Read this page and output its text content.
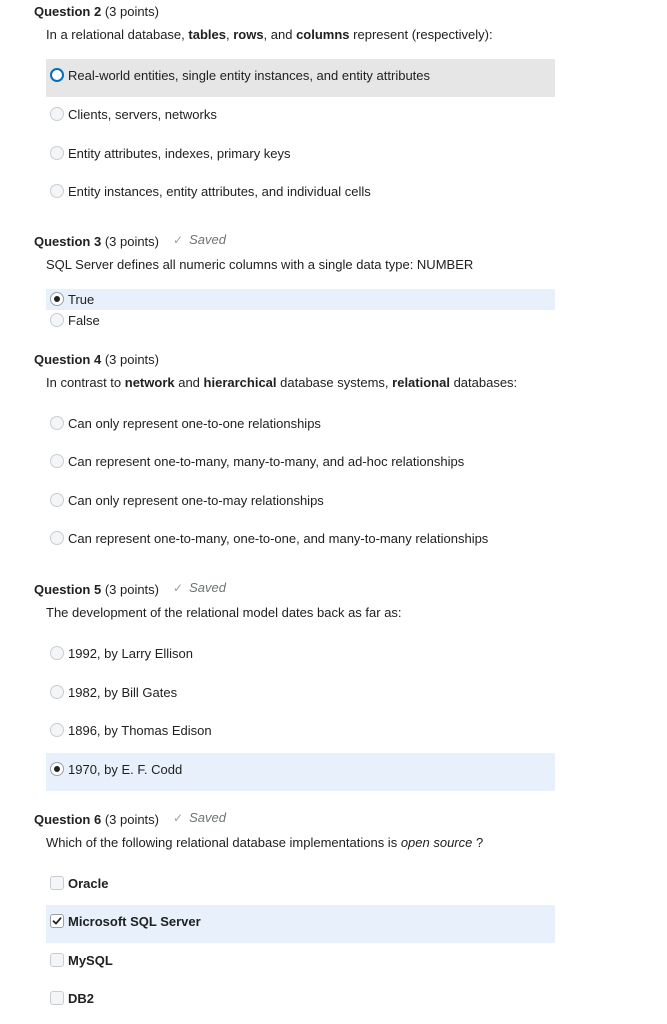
Question 2 (3 points)
In a relational database, tables, rows, and columns represent (respectively):
Real-world entities, single entity instances, and entity attributes
Clients, servers, networks
Entity attributes, indexes, primary keys
Entity instances, entity attributes, and individual cells
Question 3 (3 points) ✓ Saved
SQL Server defines all numeric columns with a single data type: NUMBER
True
False
Question 4 (3 points)
In contrast to network and hierarchical database systems, relational databases:
Can only represent one-to-one relationships
Can represent one-to-many, many-to-many, and ad-hoc relationships
Can only represent one-to-may relationships
Can represent one-to-many, one-to-one, and many-to-many relationships
Question 5 (3 points) ✓ Saved
The development of the relational model dates back as far as:
1992, by Larry Ellison
1982, by Bill Gates
1896, by Thomas Edison
1970, by E. F. Codd
Question 6 (3 points) ✓ Saved
Which of the following relational database implementations is open source ?
Oracle
Microsoft SQL Server
MySQL
DB2
